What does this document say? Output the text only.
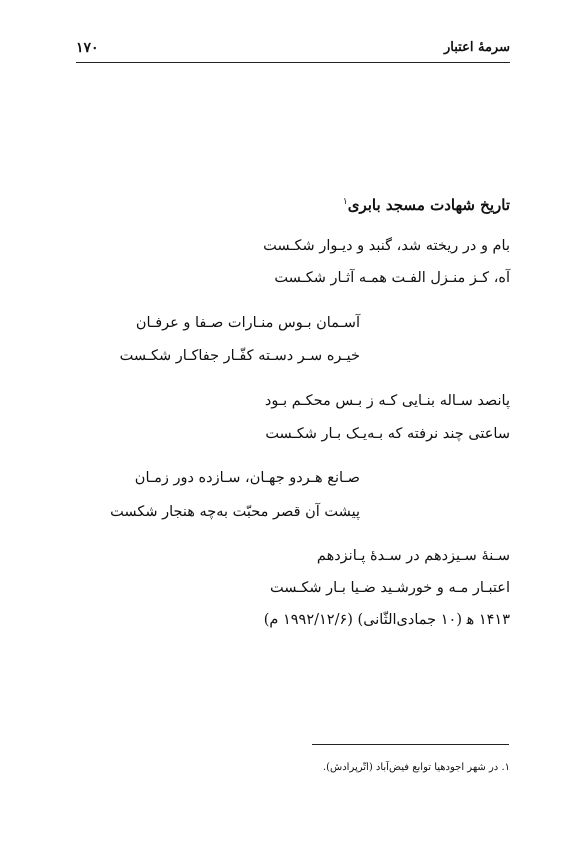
۱۷۰	سرمهٔ اعتبار
تاریخ شهادت مسجد بابری$^۱$
بام و در ریخته شد، گنبد و دیـوار شکـست
آه، کـز منـزل الفـت همـه آثـار شکـست
آسـمان بـوس منـارات صـفا و عرفـان
خیـره سـر دسـته کفّـار جفاکـار شکـست
پانصد سـاله بنـایی کـه ز بـس محکـم بـود
ساعتی چند نرفته که بـه‌یـک بـار شکـست
صـانع هـردو جهـان، سـازده دور زمـان
پیشت آن قصر محبّت به‌چه هنجار شکست
سـنهٔ سـیزدهم در سـدهٔ پـانزدهم
اعتبـار مـه و خورشـید ضـیا بـار شکـست
۱۴۱۳ ﻫ (۱۰ جمادی‌الثّانی) (۱۹۹۲/۱۲/۶ م)
۱. در شهر اجودهیا توابع فیض‌آباد (اتّرپرادش).
